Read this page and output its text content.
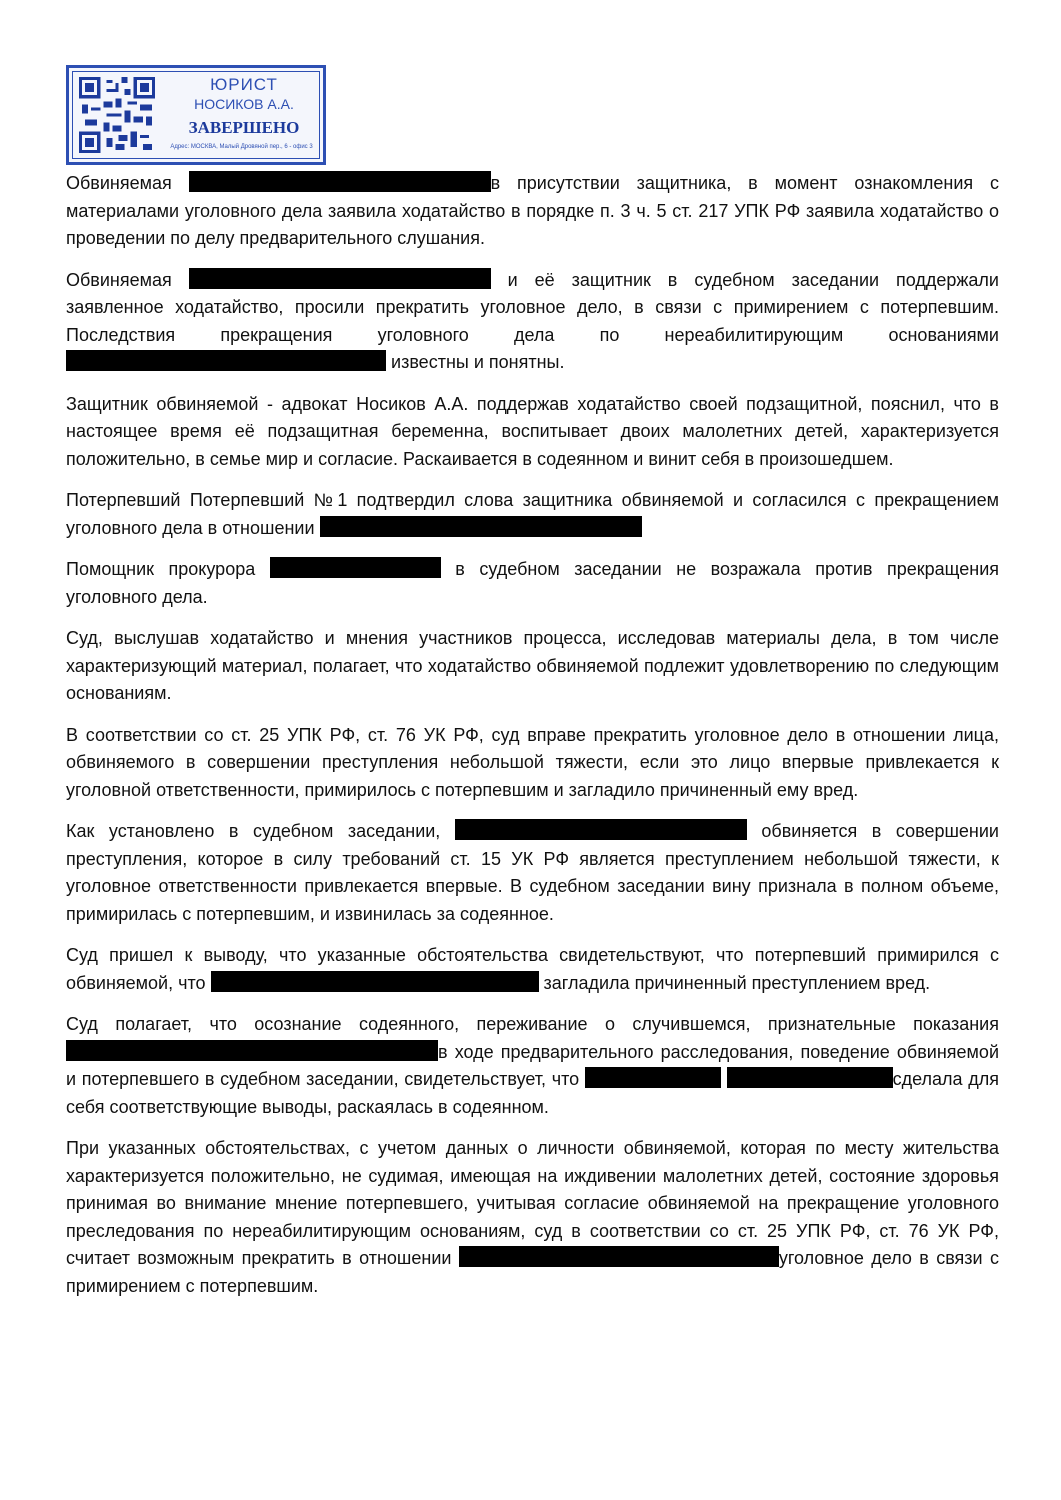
ЮРИСТ
НОСИКОВ А.А.
ЗАВЕРШЕНО
Адрес: МОСКВА, Малый Дровяной пер., 6 - офис 3

Обвиняемая	в присутствии защитника, в момент ознакомления с материалами уголовного дела заявила ходатайство в порядке п. 3 ч. 5 ст. 217 УПК РФ заявила ходатайство о проведении по делу предварительного слушания.

Обвиняемая	и её защитник в судебном заседании поддержали заявленное ходатайство, просили прекратить уголовное дело, в связи с примирением с потерпевшим. Последствия прекращения уголовного дела по нереабилитирующим основаниями  известны и понятны.

Защитник обвиняемой - адвокат Носиков А.А. поддержав ходатайство своей подзащитной, пояснил, что в настоящее время её подзащитная беременна, воспитывает двоих малолетних детей, характеризуется положительно, в семье мир и согласие. Раскаивается в содеянном и винит себя в произошедшем.

Потерпевший Потерпевший №1 подтвердил слова защитника обвиняемой и согласился с прекращением уголовного дела в отношении

Помощник прокурора	в судебном заседании не возражала против прекращения уголовного дела.

Суд, выслушав ходатайство и мнения участников процесса, исследовав материалы дела, в том числе характеризующий материал, полагает, что ходатайство обвиняемой подлежит удовлетворению по следующим основаниям.

В соответствии со ст. 25 УПК РФ, ст. 76 УК РФ, суд вправе прекратить уголовное дело в отношении лица, обвиняемого в совершении преступления небольшой тяжести, если это лицо впервые привлекается к уголовной ответственности, примирилось с потерпевшим и загладило причиненный ему вред.

Как установлено в судебном заседании,	обвиняется в совершении преступления, которое в силу требований ст. 15 УК РФ является преступлением небольшой тяжести, к уголовное ответственности привлекается впервые. В судебном заседании вину признала в полном объеме, примирилась с потерпевшим, и извинилась за содеянное.

Суд пришел к выводу, что указанные обстоятельства свидетельствуют, что потерпевший примирился с обвиняемой, что	загладила причиненный преступлением вред.

Суд полагает, что осознание содеянного, переживание о случившемся, признательные показания в ходе предварительного расследования, поведение обвиняемой и потерпевшего в судебном заседании, свидетельствует, что	сделала для себя соответствующие выводы, раскаялась в содеянном.

При указанных обстоятельствах, с учетом данных о личности обвиняемой, которая по месту жительства характеризуется положительно, не судимая, имеющая на иждивении малолетних детей, состояние здоровья принимая во внимание мнение потерпевшего, учитывая согласие обвиняемой на прекращение уголовного преследования по нереабилитирующим основаниям, суд в соответствии со ст. 25 УПК РФ, ст. 76 УК РФ, считает возможным прекратить в отношении	уголовное дело в связи с примирением с потерпевшим.
